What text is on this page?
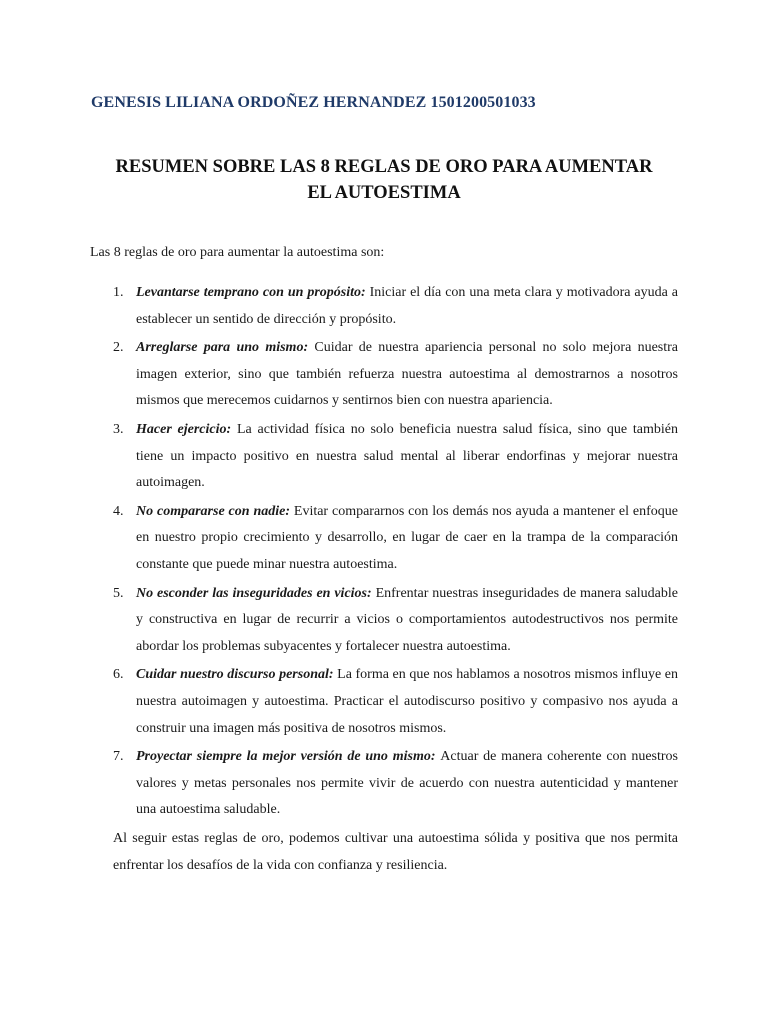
GENESIS LILIANA ORDOÑEZ HERNANDEZ 1501200501033
RESUMEN SOBRE LAS 8 REGLAS DE ORO PARA AUMENTAR
EL AUTOESTIMA
Las 8 reglas de oro para aumentar la autoestima son:
1. Levantarse temprano con un propósito: Iniciar el día con una meta clara y motivadora ayuda a establecer un sentido de dirección y propósito.
2. Arreglarse para uno mismo: Cuidar de nuestra apariencia personal no solo mejora nuestra imagen exterior, sino que también refuerza nuestra autoestima al demostrarnos a nosotros mismos que merecemos cuidarnos y sentirnos bien con nuestra apariencia.
3. Hacer ejercicio: La actividad física no solo beneficia nuestra salud física, sino que también tiene un impacto positivo en nuestra salud mental al liberar endorfinas y mejorar nuestra autoimagen.
4. No compararse con nadie: Evitar compararnos con los demás nos ayuda a mantener el enfoque en nuestro propio crecimiento y desarrollo, en lugar de caer en la trampa de la comparación constante que puede minar nuestra autoestima.
5. No esconder las inseguridades en vicios: Enfrentar nuestras inseguridades de manera saludable y constructiva en lugar de recurrir a vicios o comportamientos autodestructivos nos permite abordar los problemas subyacentes y fortalecer nuestra autoestima.
6. Cuidar nuestro discurso personal: La forma en que nos hablamos a nosotros mismos influye en nuestra autoimagen y autoestima. Practicar el autodiscurso positivo y compasivo nos ayuda a construir una imagen más positiva de nosotros mismos.
7. Proyectar siempre la mejor versión de uno mismo: Actuar de manera coherente con nuestros valores y metas personales nos permite vivir de acuerdo con nuestra autenticidad y mantener una autoestima saludable.
Al seguir estas reglas de oro, podemos cultivar una autoestima sólida y positiva que nos permita enfrentar los desafíos de la vida con confianza y resiliencia.
